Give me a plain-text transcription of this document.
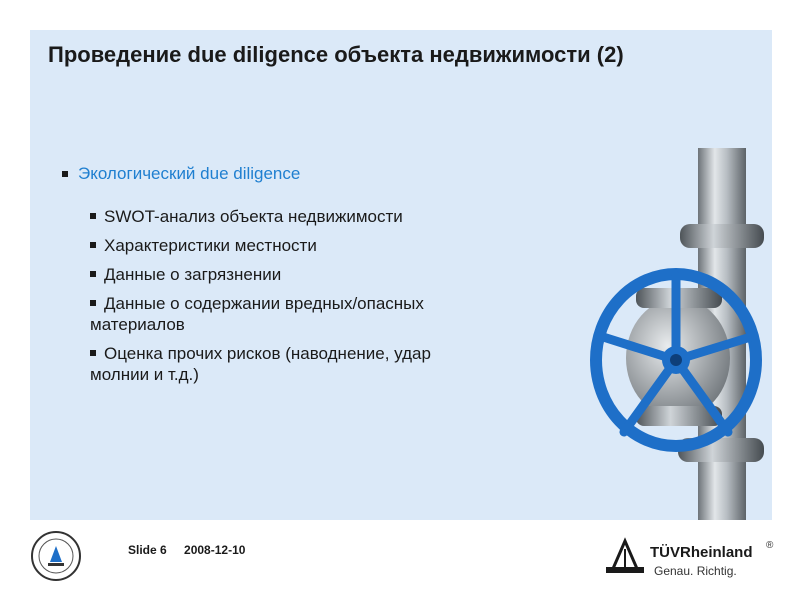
Проведение due diligence объекта недвижимости (2)
Экологический due diligence
SWOT-анализ объекта недвижимости
Характеристики местности
Данные о загрязнении
Данные о содержании вредных/опасных
материалов
Оценка прочих рисков (наводнение, удар
молнии и т.д.)
Slide 6 2008-12-10	TÜVRheinland ®
Genau. Richtig.
